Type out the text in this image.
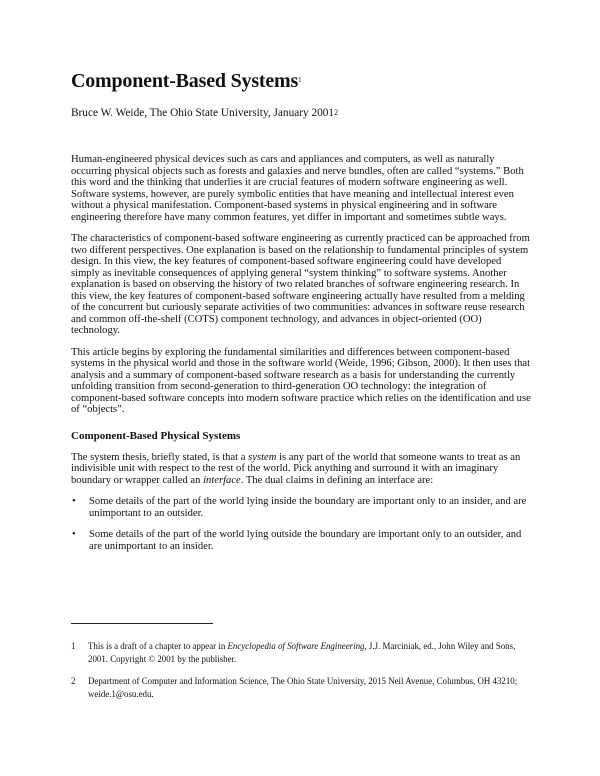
Component-Based Systems$^1$

Bruce W. Weide, The Ohio State University, January 2001$^2$

Human-engineered physical devices such as cars and appliances and computers, as well as naturally occurring physical objects such as forests and galaxies and nerve bundles, often are called “systems.” Both this word and the thinking that underlies it are crucial features of modern software engineering as well. Software systems, however, are purely symbolic entities that have meaning and intellectual interest even without a physical manifestation. Component-based systems in physical engineering and in software engineering therefore have many common features, yet differ in important and sometimes subtle ways.

The characteristics of component-based software engineering as currently practiced can be approached from two different perspectives. One explanation is based on the relationship to fundamental principles of system design. In this view, the key features of component-based software engineering could have developed simply as inevitable consequences of applying general “system thinking” to software systems. Another explanation is based on observing the history of two related branches of software engineering research. In this view, the key features of component-based software engineering actually have resulted from a melding of the concurrent but curiously separate activities of two communities: advances in software reuse research and common off-the-shelf (COTS) component technology, and advances in object-oriented (OO) technology.

This article begins by exploring the fundamental similarities and differences between component-based systems in the physical world and those in the software world (Weide, 1996; Gibson, 2000). It then uses that analysis and a summary of component-based software research as a basis for understanding the currently unfolding transition from second-generation to third-generation OO technology: the integration of component-based software concepts into modern software practice which relies on the identification and use of “objects”.

Component-Based Physical Systems

The system thesis, briefly stated, is that a system is any part of the world that someone wants to treat as an indivisible unit with respect to the rest of the world. Pick anything and surround it with an imaginary boundary or wrapper called an interface. The dual claims in defining an interface are:

• Some details of the part of the world lying inside the boundary are important only to an insider, and are unimportant to an outsider.
• Some details of the part of the world lying outside the boundary are important only to an outsider, and are unimportant to an insider.
1	This is a draft of a chapter to appear in Encyclopedia of Software Engineering, J.J. Marciniak, ed., John Wiley and Sons, 2001. Copyright © 2001 by the publisher.
2	Department of Computer and Information Science, The Ohio State University, 2015 Neil Avenue, Columbus, OH 43210; weide.1@osu.edu.
